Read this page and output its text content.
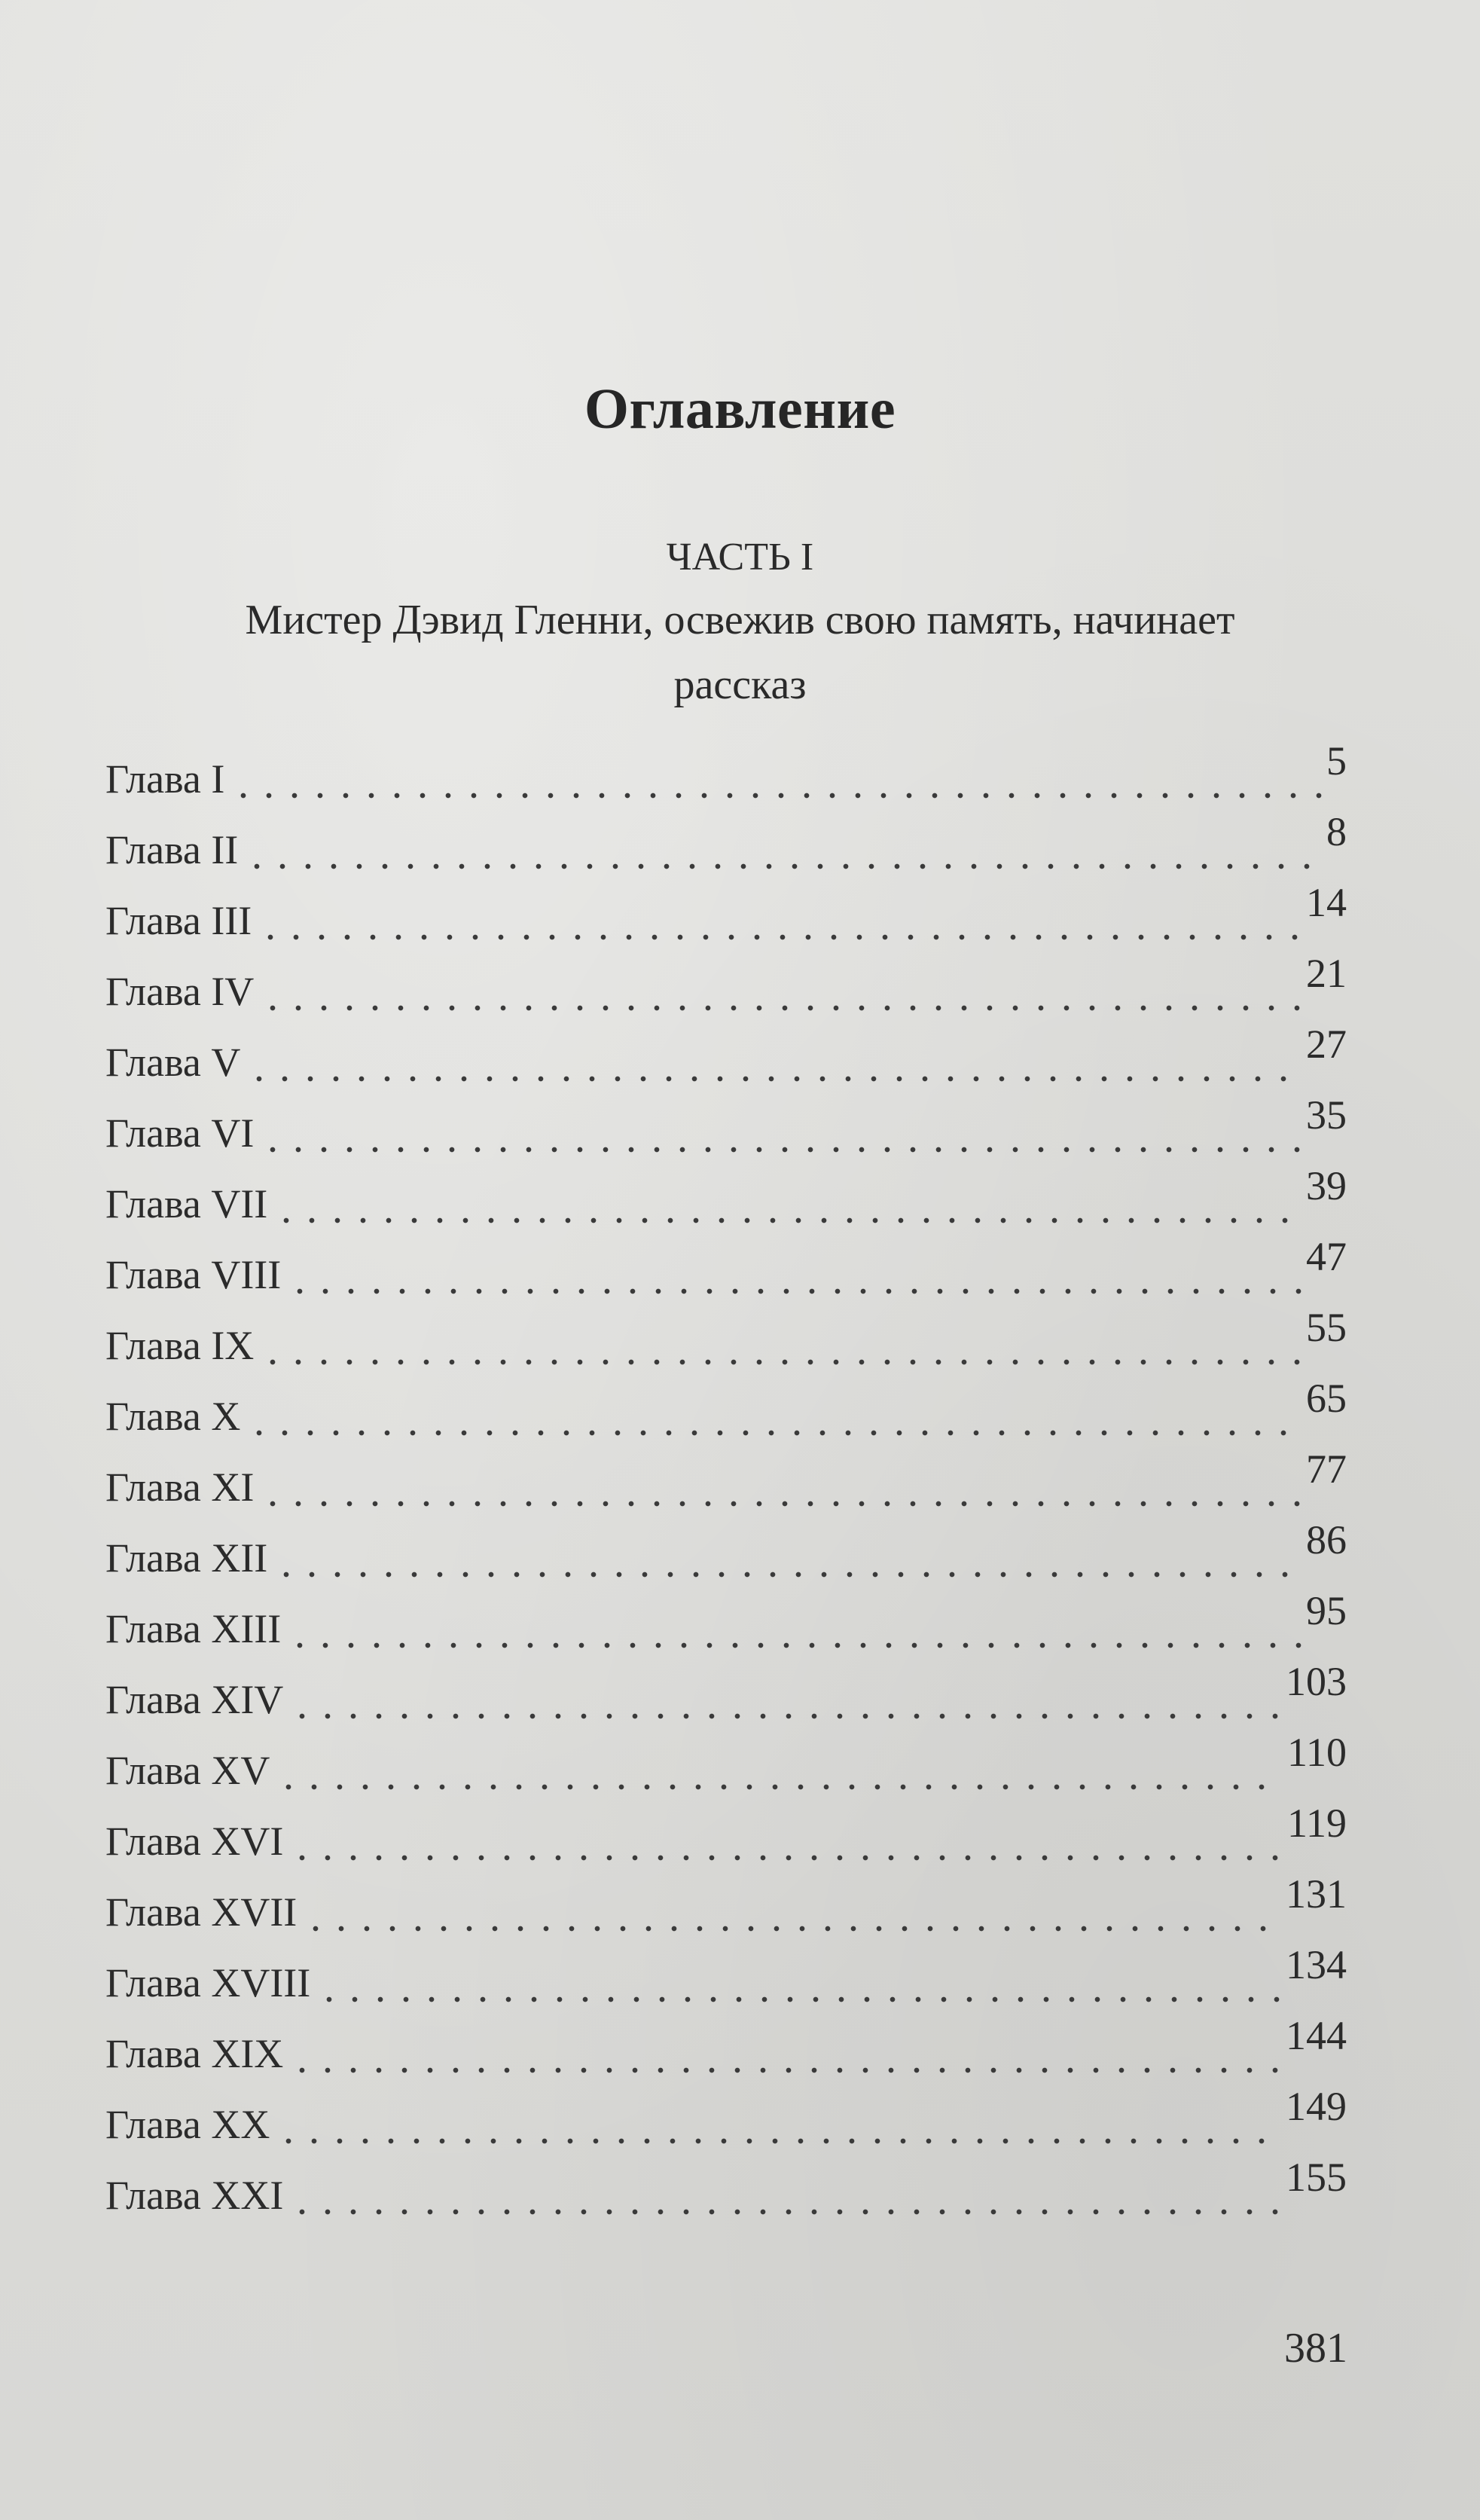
Оглавление
ЧАСТЬ I
Мистер Дэвид Гленни, освежив свою память, начинает рассказ
Глава I	5
Глава II	8
Глава III	14
Глава IV	21
Глава V	27
Глава VI	35
Глава VII	39
Глава VIII	47
Глава IX	55
Глава X	65
Глава XI	77
Глава XII	86
Глава XIII	95
Глава XIV	103
Глава XV	110
Глава XVI	119
Глава XVII	131
Глава XVIII	134
Глава XIX	144
Глава XX	149
Глава XXI	155
381
